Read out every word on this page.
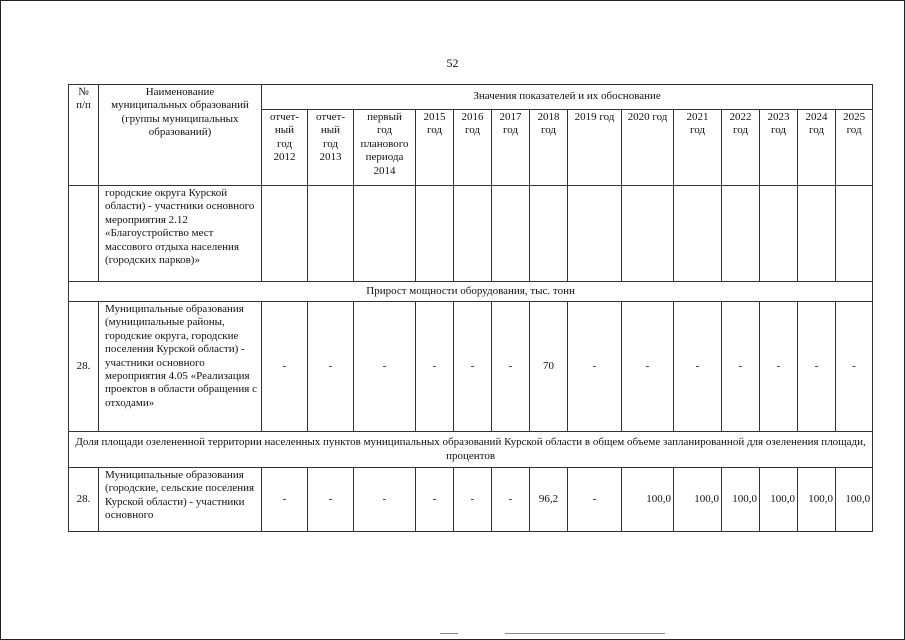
52
№
п/п	Наименование
муниципальных образований
(группы муниципальных
образований)	Значения показателей и их обоснование													
		отчет-
ный
год
2012	отчет-
ный
год
2013	первый
год
планового
периода
2014	2015
год	2016
год	2017
год	2018
год	2019 год	2020 год	2021
год	2022
год	2023
год	2024
год	2025
год
	городские округа Курской области) - участники основного мероприятия 2.12 «Благоустройство мест массового отдыха населения (городских парков)»														
Прирост мощности оборудования, тыс. тонн															
28.	Муниципальные образования (муниципальные районы, городские округа, городские поселения Курской области) - участники основного мероприятия 4.05 «Реализация проектов в области обращения с отходами»	-	-	-	-	-	-	70	-	-	-	-	-	-	-
Доля площади озелененной территории населенных пунктов муниципальных образований Курской области в общем объеме запланированной для озеленения площади, процентов															
28.	Муниципальные образования (городские, сельские поселения Курской области) - участники основного	-	-	-	-	-	-	96,2	-	100,0	100,0	100,0	100,0	100,0	100,0
